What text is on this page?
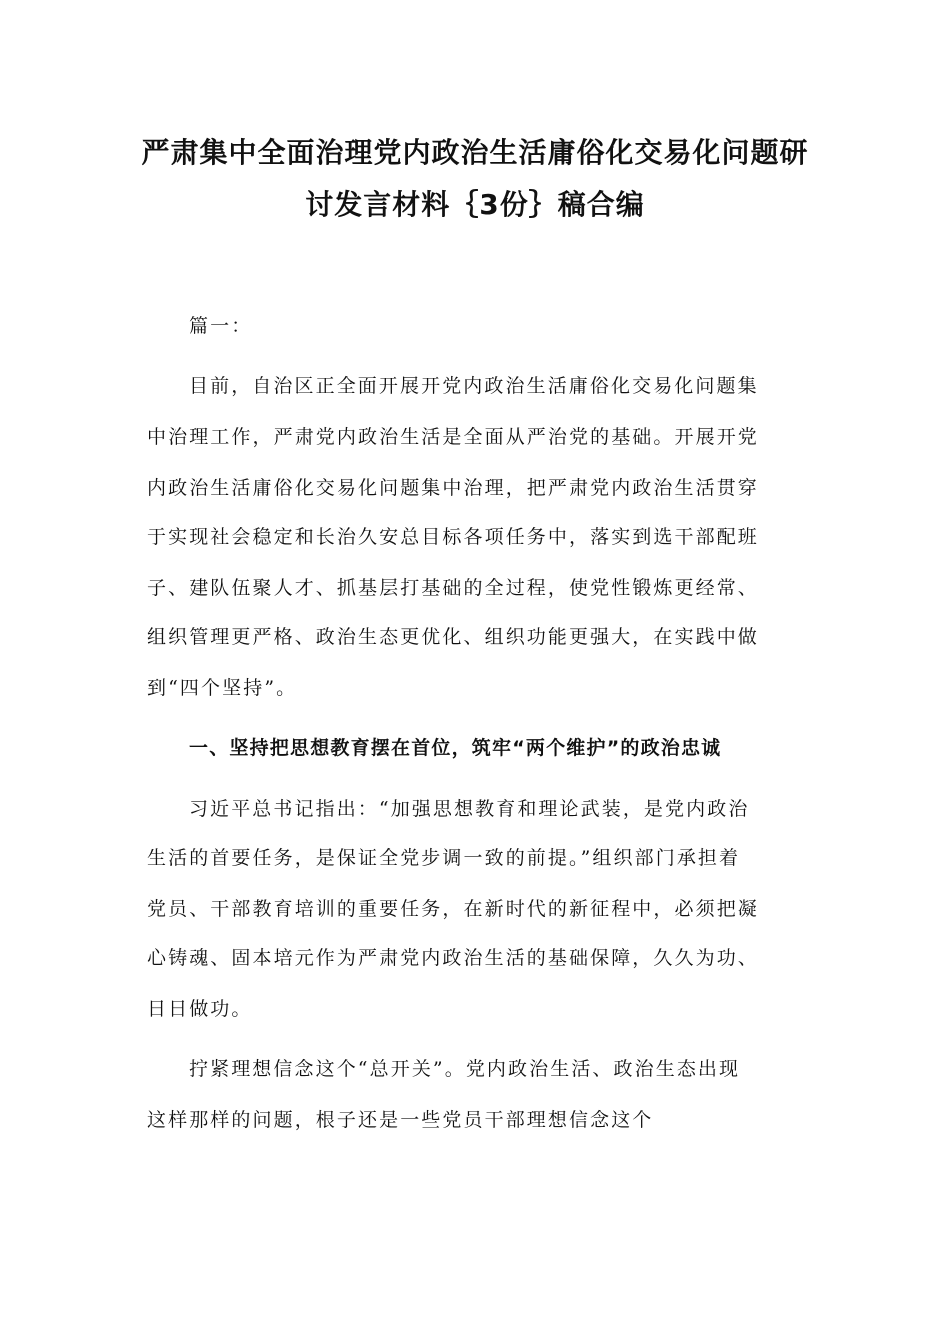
严肃集中全面治理党内政治生活庸俗化交易化问题研
讨发言材料｛3份｝稿合编
篇一：
目前，自治区正全面开展开党内政治生活庸俗化交易化问题集
中治理工作，严肃党内政治生活是全面从严治党的基础。开展开党
内政治生活庸俗化交易化问题集中治理，把严肃党内政治生活贯穿
于实现社会稳定和长治久安总目标各项任务中，落实到选干部配班
子、建队伍聚人才、抓基层打基础的全过程，使党性锻炼更经常、
组织管理更严格、政治生态更优化、组织功能更强大，在实践中做
到“四个坚持”。
一、坚持把思想教育摆在首位，筑牢“两个维护”的政治忠诚
习近平总书记指出：“加强思想教育和理论武装，是党内政治
生活的首要任务，是保证全党步调一致的前提。”组织部门承担着
党员、干部教育培训的重要任务，在新时代的新征程中，必须把凝
心铸魂、固本培元作为严肃党内政治生活的基础保障，久久为功、
日日做功。
拧紧理想信念这个“总开关”。党内政治生活、政治生态出现
这样那样的问题，根子还是一些党员干部理想信念这个
